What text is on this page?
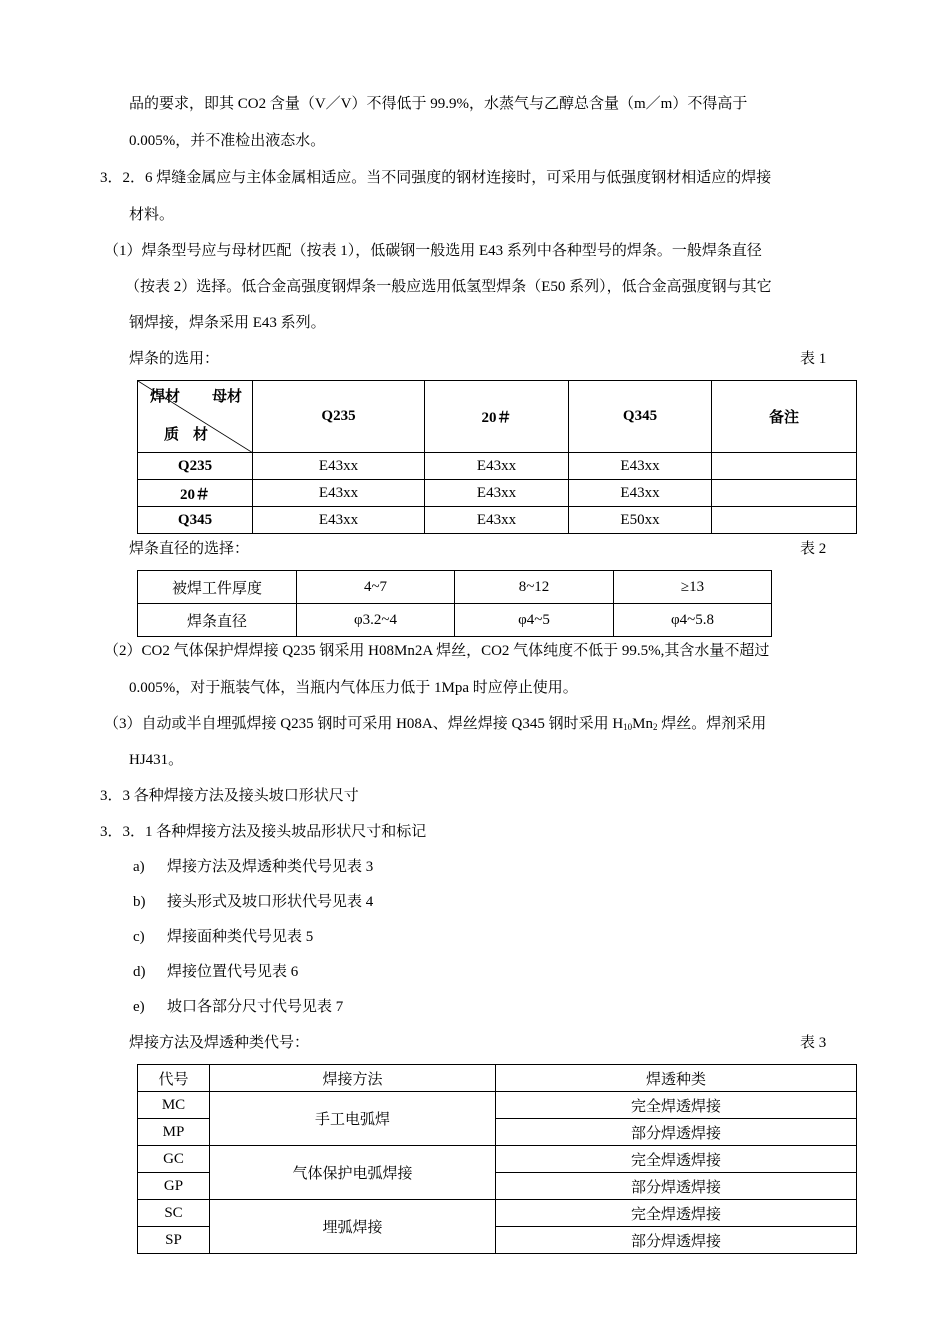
品的要求，即其 CO2 含量（V／V）不得低于 99.9%，水蒸气与乙醇总含量（m／m）不得高于
0.005%，并不准检出液态水。
3．2．6 焊缝金属应与主体金属相适应。当不同强度的钢材连接时，可采用与低强度钢材相适应的焊接
材料。
（1）焊条型号应与母材匹配（按表 1），低碳钢一般选用 E43 系列中各种型号的焊条。一般焊条直径
（按表 2）选择。低合金高强度钢焊条一般应选用低氢型焊条（E50 系列），低合金高强度钢与其它
钢焊接，焊条采用 E43 系列。
焊条的选用：	表 1
焊材 母材
质材	Q235	20＃	Q345	备注
Q235	E43xx	E43xx	E43xx	
20＃	E43xx	E43xx	E43xx	
Q345	E43xx	E43xx	E50xx	
焊条直径的选择：	表 2
被焊工件厚度	4~7	8~12	≥13
焊条直径	φ3.2~4	φ4~5	φ4~5.8
（2）CO2 气体保护焊焊接 Q235 钢采用 H08Mn2A 焊丝，CO2 气体纯度不低于 99.5%,其含水量不超过
0.005%，对于瓶装气体，当瓶内气体压力低于 1Mpa 时应停止使用。
（3）自动或半自埋弧焊接 Q235 钢时可采用 H08A、焊丝焊接 Q345 钢时采用 $H_{10}Mn_2$ 焊丝。焊剂采用
HJ431。
3．3 各种焊接方法及接头坡口形状尺寸
3．3．1 各种焊接方法及接头坡品形状尺寸和标记
a) 焊接方法及焊透种类代号见表 3
b) 接头形式及坡口形状代号见表 4
c) 焊接面种类代号见表 5
d) 焊接位置代号见表 6
e) 坡口各部分尺寸代号见表 7
焊接方法及焊透种类代号：	表 3
代号	焊接方法	焊透种类
MC	手工电弧焊	完全焊透焊接
MP		部分焊透焊接
GC	气体保护电弧焊接	完全焊透焊接
GP		部分焊透焊接
SC	埋弧焊接	完全焊透焊接
SP		部分焊透焊接
